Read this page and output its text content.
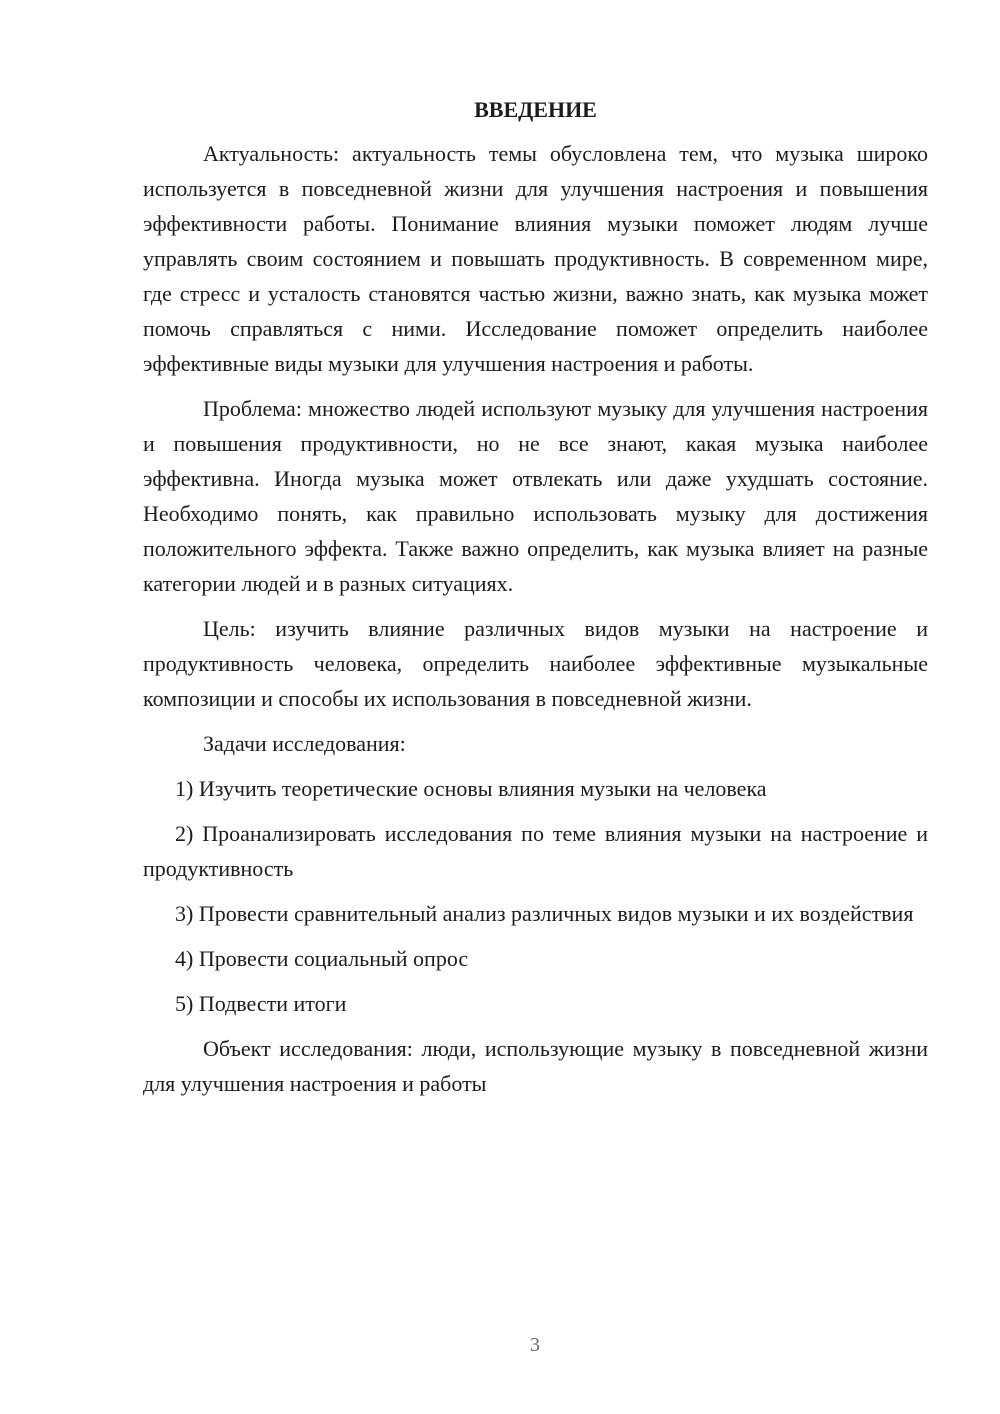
ВВЕДЕНИЕ

Актуальность: актуальность темы обусловлена тем, что музыка широко используется в повседневной жизни для улучшения настроения и повышения эффективности работы. Понимание влияния музыки поможет людям лучше управлять своим состоянием и повышать продуктивность. В современном мире, где стресс и усталость становятся частью жизни, важно знать, как музыка может помочь справляться с ними. Исследование поможет определить наиболее эффективные виды музыки для улучшения настроения и работы.

Проблема: множество людей используют музыку для улучшения настроения и повышения продуктивности, но не все знают, какая музыка наиболее эффективна. Иногда музыка может отвлекать или даже ухудшать состояние. Необходимо понять, как правильно использовать музыку для достижения положительного эффекта. Также важно определить, как музыка влияет на разные категории людей и в разных ситуациях.

Цель: изучить влияние различных видов музыки на настроение и продуктивность человека, определить наиболее эффективные музыкальные композиции и способы их использования в повседневной жизни.

Задачи исследования:

1) Изучить теоретические основы влияния музыки на человека

2) Проанализировать исследования по теме влияния музыки на настроение и продуктивность

3) Провести сравнительный анализ различных видов музыки и их воздействия

4) Провести социальный опрос

5) Подвести итоги

Объект исследования: люди, использующие музыку в повседневной жизни для улучшения настроения и работы

3
